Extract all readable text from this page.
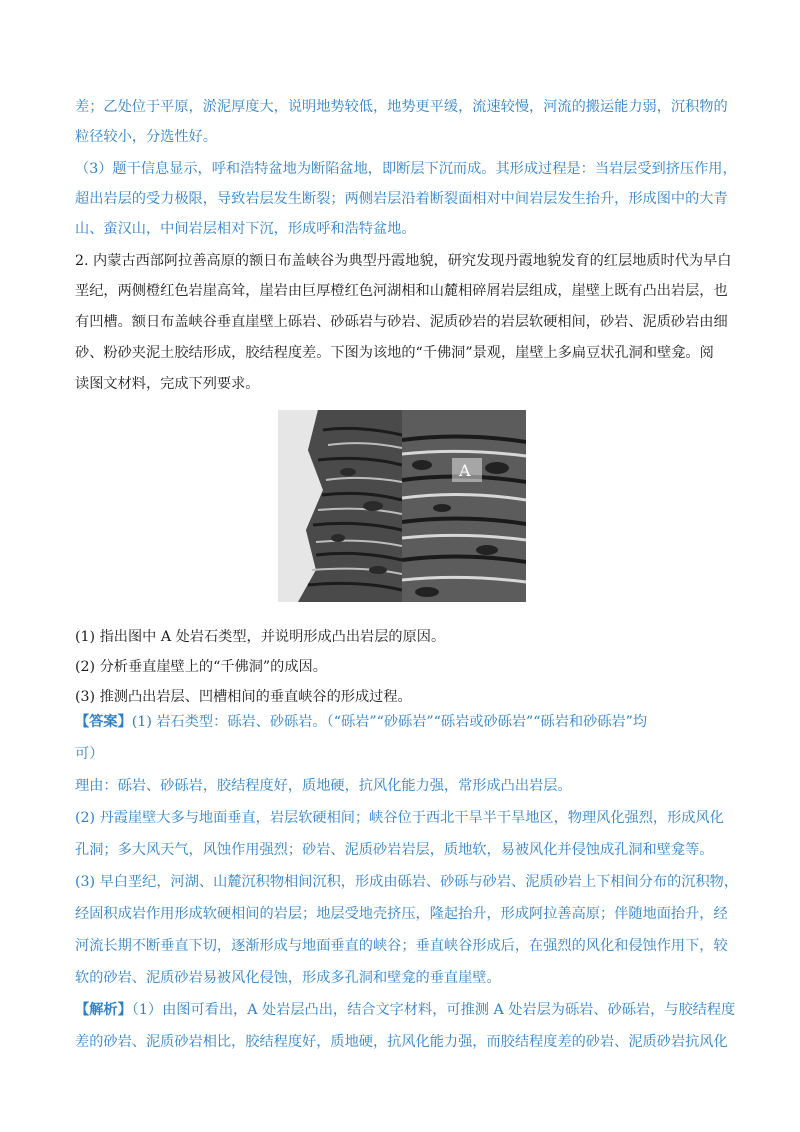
差；乙处位于平原，淤泥厚度大，说明地势较低，地势更平缓，流速较慢，河流的搬运能力弱，沉积物的
粒径较小，分选性好。
（3）题干信息显示，呼和浩特盆地为断陷盆地，即断层下沉而成。其形成过程是：当岩层受到挤压作用，
超出岩层的受力极限，导致岩层发生断裂；两侧岩层沿着断裂面相对中间岩层发生抬升，形成图中的大青
山、蛮汉山，中间岩层相对下沉，形成呼和浩特盆地。
2. 内蒙古西部阿拉善高原的额日布盖峡谷为典型丹霞地貌，研究发现丹霞地貌发育的红层地质时代为早白
垩纪，两侧橙红色岩崖高耸，崖岩由巨厚橙红色河湖相和山麓相碎屑岩层组成，崖壁上既有凸出岩层，也
有凹槽。额日布盖峡谷垂直崖壁上砾岩、砂砾岩与砂岩、泥质砂岩的岩层软硬相间，砂岩、泥质砂岩由细
砂、粉砂夹泥土胶结形成，胶结程度差。下图为该地的“千佛洞”景观，崖壁上多扁豆状孔洞和壁龛。阅
读图文材料，完成下列要求。
A
(1) 指出图中 A 处岩石类型，并说明形成凸出岩层的原因。
(2) 分析垂直崖壁上的“千佛洞”的成因。
(3) 推测凸出岩层、凹槽相间的垂直峡谷的形成过程。
【答案】(1) 岩石类型：砾岩、砂砾岩。（“砾岩”“砂砾岩”“砾岩或砂砾岩”“砾岩和砂砾岩”均
可）
理由：砾岩、砂砾岩，胶结程度好，质地硬，抗风化能力强，常形成凸出岩层。
(2) 丹霞崖壁大多与地面垂直，岩层软硬相间；峡谷位于西北干旱半干旱地区，物理风化强烈，形成风化
孔洞；多大风天气，风蚀作用强烈；砂岩、泥质砂岩岩层，质地软，易被风化并侵蚀成孔洞和壁龛等。
(3) 早白垩纪，河湖、山麓沉积物相间沉积，形成由砾岩、砂砾与砂岩、泥质砂岩上下相间分布的沉积物，
经固积成岩作用形成软硬相间的岩层；地层受地壳挤压，隆起抬升，形成阿拉善高原；伴随地面抬升，经
河流长期不断垂直下切，逐渐形成与地面垂直的峡谷；垂直峡谷形成后，在强烈的风化和侵蚀作用下，较
软的砂岩、泥质砂岩易被风化侵蚀，形成多孔洞和壁龛的垂直崖壁。
【解析】（1）由图可看出，A 处岩层凸出，结合文字材料，可推测 A 处岩层为砾岩、砂砾岩，与胶结程度
差的砂岩、泥质砂岩相比，胶结程度好，质地硬，抗风化能力强，而胶结程度差的砂岩、泥质砂岩抗风化
